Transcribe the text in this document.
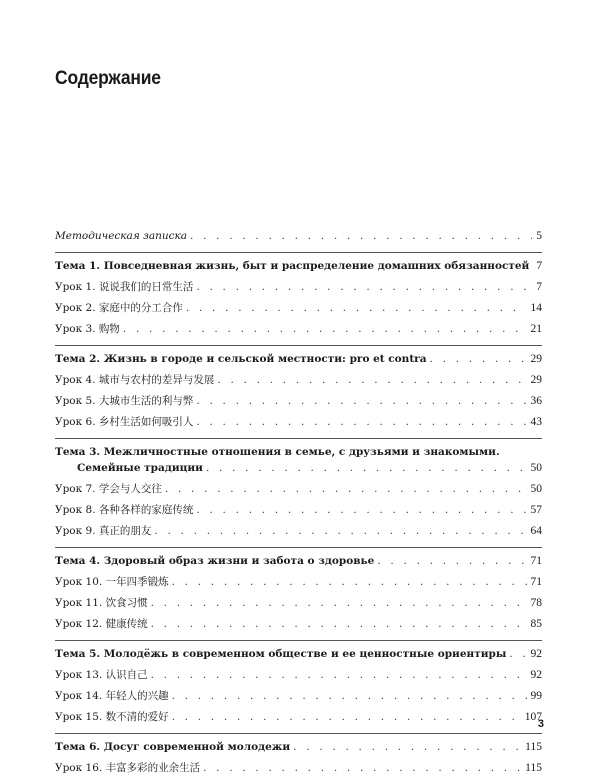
Содержание
Методическая записка . . .	5
Тема 1. Повседневная жизнь, быт и распределение домашних обязанностей 7
Урок 1. 说说我们的日常生活 . . .	7
Урок 2. 家庭中的分工合作 . . .	14
Урок 3. 购物 . . .	21
Тема 2. Жизнь в городе и сельской местности: pro et contra . . .	29
Урок 4. 城市与农村的差异与发展 . . .	29
Урок 5. 大城市生活的利与弊 . . .	36
Урок 6. 乡村生活如何吸引人 . . .	43
Тема 3. Межличностные отношения в семье, с друзьями и знакомыми.
Семейные традиции . . .	50
Урок 7. 学会与人交往 . . .	50
Урок 8. 各种各样的家庭传统 . . .	57
Урок 9. 真正的朋友 . . .	64
Тема 4. Здоровый образ жизни и забота о здоровье . . .	71
Урок 10. 一年四季锻炼 . . .	71
Урок 11. 饮食习惯 . . .	78
Урок 12. 健康传统 . . .	85
Тема 5. Молодёжь в современном обществе и ее ценностные ориентиры . . .	92
Урок 13. 认识自己 . . .	92
Урок 14. 年轻人的兴趣 . . .	99
Урок 15. 数不清的爱好 . . .	107
Тема 6. Досуг современной молодежи . . .	115
Урок 16. 丰富多彩的业余生活 . . .	115
3
